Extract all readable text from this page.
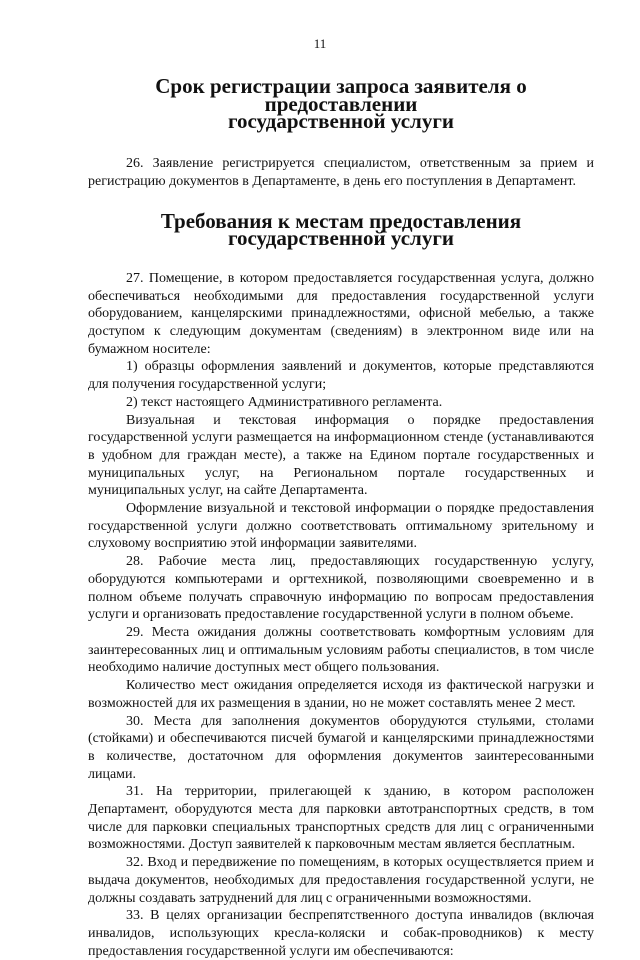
11
Срок регистрации запроса заявителя о предоставлении
государственной услуги

26. Заявление регистрируется специалистом, ответственным за прием и регистрацию документов в Департаменте, в день его поступления в Департамент.

Требования к местам предоставления государственной услуги

27. Помещение, в котором предоставляется государственная услуга, должно обеспечиваться необходимыми для предоставления государственной услуги оборудованием, канцелярскими принадлежностями, офисной мебелью, а также доступом к следующим документам (сведениям) в электронном виде или на бумажном носителе:

1) образцы оформления заявлений и документов, которые представляются для получения государственной услуги;

2) текст настоящего Административного регламента.

Визуальная и текстовая информация о порядке предоставления государственной услуги размещается на информационном стенде (устанавливаются в удобном для граждан месте), а также на Едином портале государственных и муниципальных услуг, на Региональном портале государственных и муниципальных услуг, на сайте Департамента.

Оформление визуальной и текстовой информации о порядке предоставления государственной услуги должно соответствовать оптимальному зрительному и слуховому восприятию этой информации заявителями.

28. Рабочие места лиц, предоставляющих государственную услугу, оборудуются компьютерами и оргтехникой, позволяющими своевременно и в полном объеме получать справочную информацию по вопросам предоставления услуги и организовать предоставление государственной услуги в полном объеме.

29. Места ожидания должны соответствовать комфортным условиям для заинтересованных лиц и оптимальным условиям работы специалистов, в том числе необходимо наличие доступных мест общего пользования.

Количество мест ожидания определяется исходя из фактической нагрузки и возможностей для их размещения в здании, но не может составлять менее 2 мест.

30. Места для заполнения документов оборудуются стульями, столами (стойками) и обеспечиваются писчей бумагой и канцелярскими принадлежностями в количестве, достаточном для оформления документов заинтересованными лицами.

31. На территории, прилегающей к зданию, в котором расположен Департамент, оборудуются места для парковки автотранспортных средств, в том числе для парковки специальных транспортных средств для лиц с ограниченными возможностями. Доступ заявителей к парковочным местам является бесплатным.

32. Вход и передвижение по помещениям, в которых осуществляется прием и выдача документов, необходимых для предоставления государственной услуги, не должны создавать затруднений для лиц с ограниченными возможностями.

33. В целях организации беспрепятственного доступа инвалидов (включая инвалидов, использующих кресла-коляски и собак-проводников) к месту предоставления государственной услуги им обеспечиваются:
